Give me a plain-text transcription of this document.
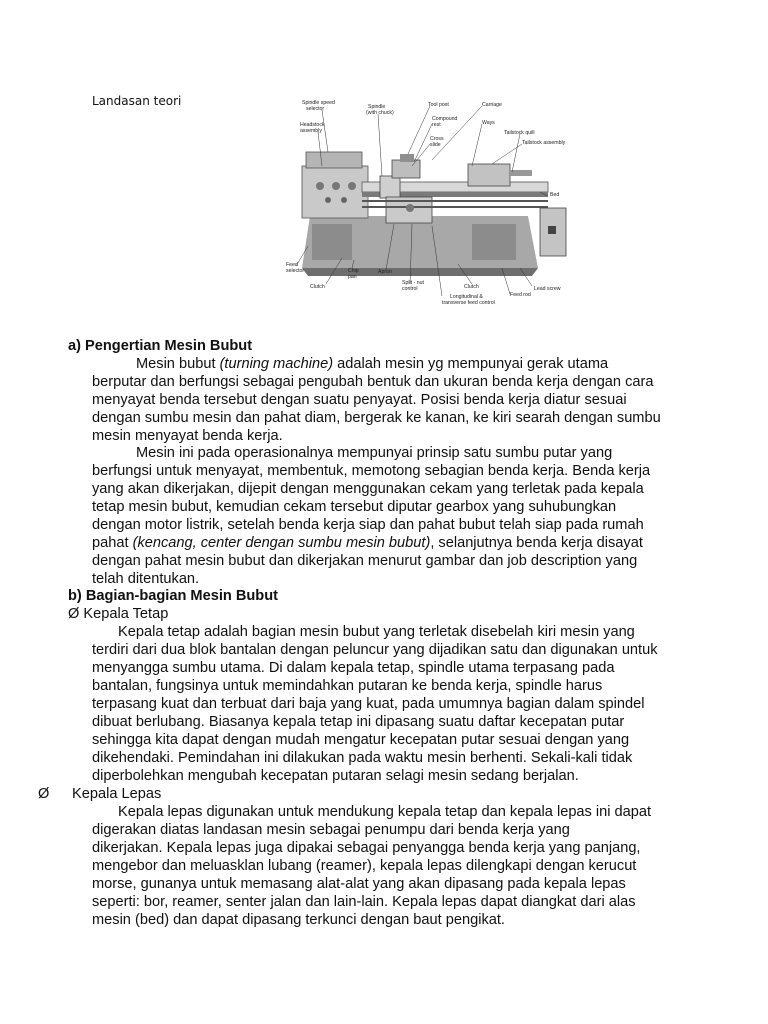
Landasan teori	Spindle speed
selector	Spindle
(with chuck)
Tool post	Carriage
Headstock
assembly
Compound
rest	Ways
Tailstock quill
Tailstock assembly
Cross
slide
Bed
Feed
selector	Chip
pan
Apron
Clutch
Split - nut
control	Clutch	Lead screw
Feed rod
Longitudinal &
transverse feed control
a) Pengertian Mesin Bubut
Mesin bubut (turning machine) adalah mesin yg mempunyai gerak utama
berputar dan berfungsi sebagai pengubah bentuk dan ukuran benda kerja dengan cara
menyayat benda tersebut dengan suatu penyayat. Posisi benda kerja diatur sesuai
dengan sumbu mesin dan pahat diam, bergerak ke kanan, ke kiri searah dengan sumbu
mesin menyayat benda kerja.
Mesin ini pada operasionalnya mempunyai prinsip satu sumbu putar yang
berfungsi untuk menyayat, membentuk, memotong sebagian benda kerja. Benda kerja
yang akan dikerjakan, dijepit dengan menggunakan cekam yang terletak pada kepala
tetap mesin bubut, kemudian cekam tersebut diputar gearbox yang suhubungkan
dengan motor listrik, setelah benda kerja siap dan pahat bubut telah siap pada rumah
pahat (kencang, center dengan sumbu mesin bubut), selanjutnya benda kerja disayat
dengan pahat mesin bubut dan dikerjakan menurut gambar dan job description yang
telah ditentukan.
b) Bagian-bagian Mesin Bubut
Ø Kepala Tetap
Kepala tetap adalah bagian mesin bubut yang terletak disebelah kiri mesin yang
terdiri dari dua blok bantalan dengan peluncur yang dijadikan satu dan digunakan untuk
menyangga sumbu utama. Di dalam kepala tetap, spindle utama terpasang pada
bantalan, fungsinya untuk memindahkan putaran ke benda kerja, spindle harus
terpasang kuat dan terbuat dari baja yang kuat, pada umumnya bagian dalam spindel
dibuat berlubang. Biasanya kepala tetap ini dipasang suatu daftar kecepatan putar
sehingga kita dapat dengan mudah mengatur kecepatan putar sesuai dengan yang
dikehendaki. Pemindahan ini dilakukan pada waktu mesin berhenti. Sekali-kali tidak
diperbolehkan mengubah kecepatan putaran selagi mesin sedang berjalan.
Ø Kepala Lepas
Kepala lepas digunakan untuk mendukung kepala tetap dan kepala lepas ini dapat
digerakan diatas landasan mesin sebagai penumpu dari benda kerja yang
dikerjakan. Kepala lepas juga dipakai sebagai penyangga benda kerja yang panjang,
mengebor dan meluasklan lubang (reamer), kepala lepas dilengkapi dengan kerucut
morse, gunanya untuk memasang alat-alat yang akan dipasang pada kepala lepas
seperti: bor, reamer, senter jalan dan lain-lain. Kepala lepas dapat diangkat dari alas
mesin (bed) dan dapat dipasang terkunci dengan baut pengikat.
